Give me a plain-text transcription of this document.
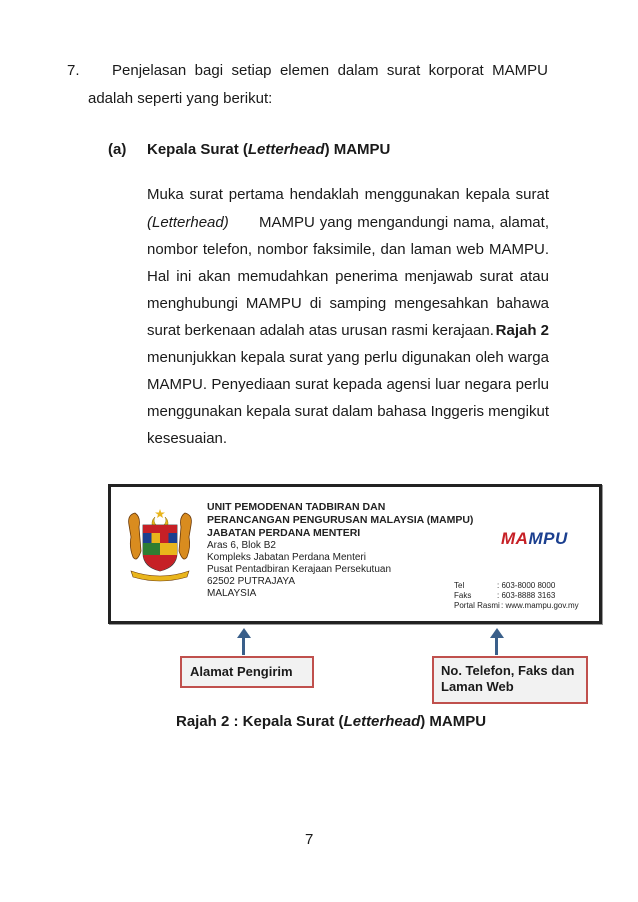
7. Penjelasan bagi setiap elemen dalam surat korporat MAMPU
adalah seperti yang berikut:
(a) Kepala Surat (Letterhead) MAMPU
Muka surat pertama hendaklah menggunakan kepala surat
(Letterhead) MAMPU yang mengandungi nama, alamat,
nombor telefon, nombor faksimile, dan laman web MAMPU.
Hal ini akan memudahkan penerima menjawab surat atau
menghubungi MAMPU di samping mengesahkan bahawa
surat berkenaan adalah atas urusan rasmi kerajaan. Rajah 2
menunjukkan kepala surat yang perlu digunakan oleh warga
MAMPU. Penyediaan surat kepada agensi luar negara perlu
menggunakan kepala surat dalam bahasa Inggeris mengikut
kesesuaian.
UNIT PEMODENAN TADBIRAN DAN
PERANCANGAN PENGURUSAN MALAYSIA (MAMPU)
JABATAN PERDANA MENTERI
Aras 6, Blok B2
Kompleks Jabatan Perdana Menteri
Pusat Pentadbiran Kerajaan Persekutuan
62502 PUTRAJAYA
MALAYSIA
MAMPU
Tel	: 603-8000 8000
Faks	: 603-8888 3163
Portal Rasmi : www.mampu.gov.my
Alamat Pengirim	No. Telefon, Faks dan
Laman Web
Rajah 2 : Kepala Surat (Letterhead) MAMPU
7
